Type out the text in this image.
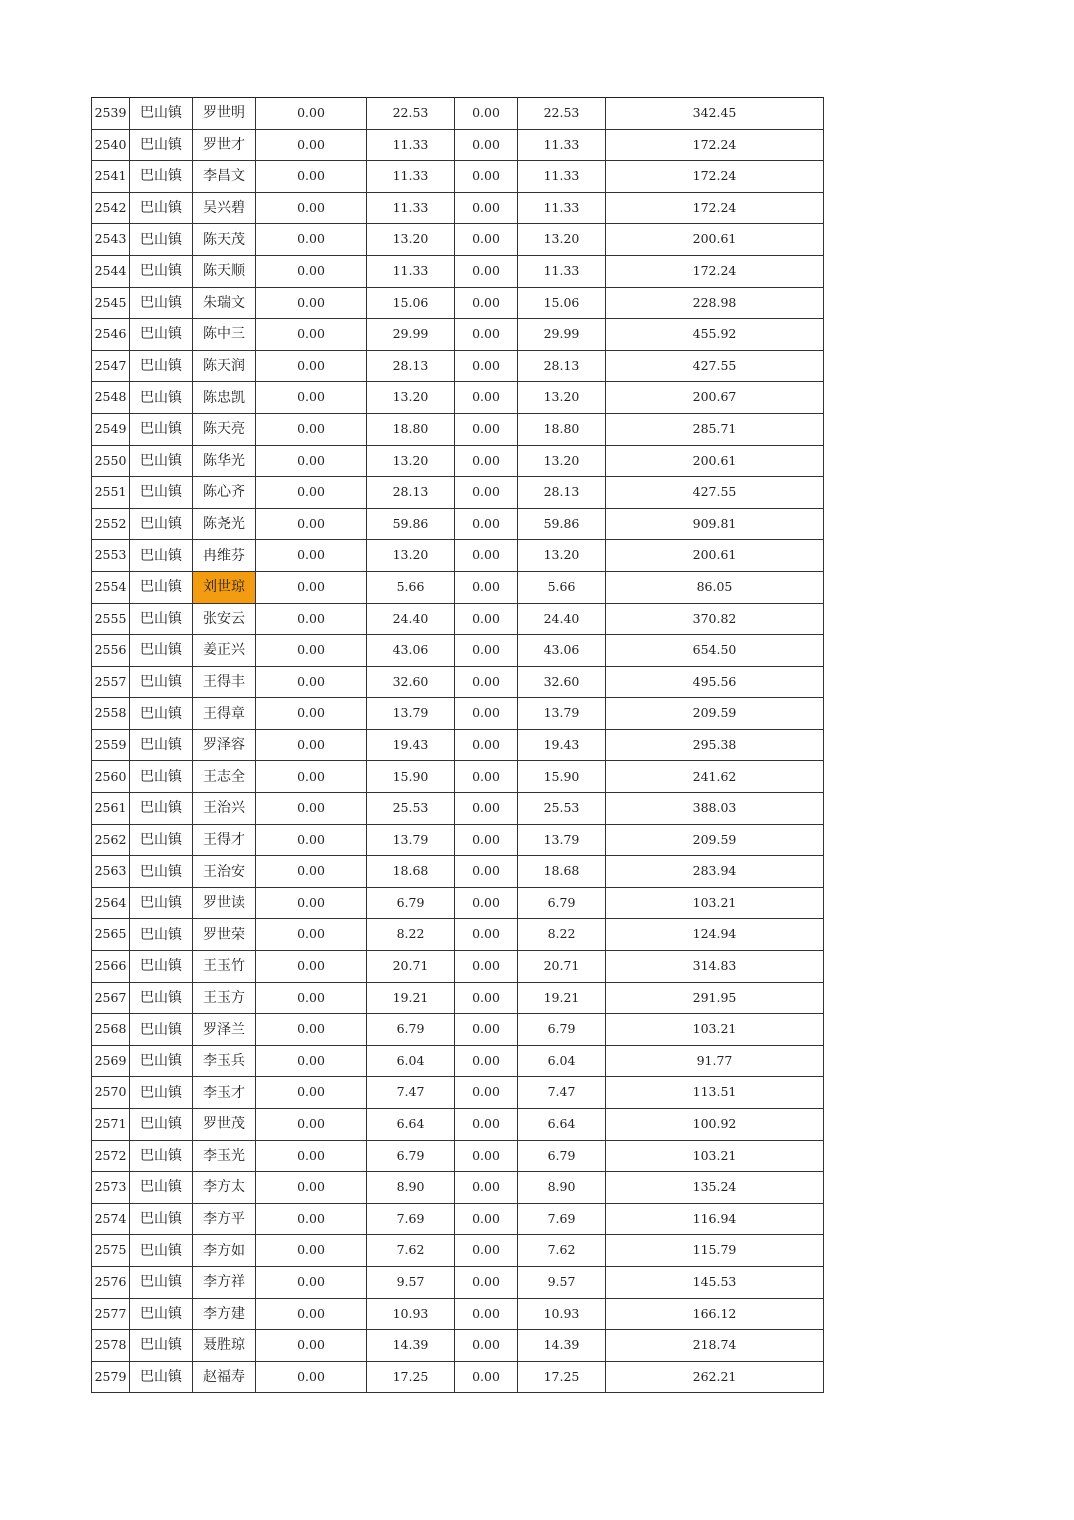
2539	巴山镇	罗世明	0.00	22.53	0.00	22.53	342.45
2540	巴山镇	罗世才	0.00	11.33	0.00	11.33	172.24
2541	巴山镇	李昌文	0.00	11.33	0.00	11.33	172.24
2542	巴山镇	吴兴碧	0.00	11.33	0.00	11.33	172.24
2543	巴山镇	陈天茂	0.00	13.20	0.00	13.20	200.61
2544	巴山镇	陈天顺	0.00	11.33	0.00	11.33	172.24
2545	巴山镇	朱瑞文	0.00	15.06	0.00	15.06	228.98
2546	巴山镇	陈中三	0.00	29.99	0.00	29.99	455.92
2547	巴山镇	陈天润	0.00	28.13	0.00	28.13	427.55
2548	巴山镇	陈忠凯	0.00	13.20	0.00	13.20	200.67
2549	巴山镇	陈天亮	0.00	18.80	0.00	18.80	285.71
2550	巴山镇	陈华光	0.00	13.20	0.00	13.20	200.61
2551	巴山镇	陈心齐	0.00	28.13	0.00	28.13	427.55
2552	巴山镇	陈尧光	0.00	59.86	0.00	59.86	909.81
2553	巴山镇	冉维芬	0.00	13.20	0.00	13.20	200.61
2554	巴山镇	刘世琼	0.00	5.66	0.00	5.66	86.05
2555	巴山镇	张安云	0.00	24.40	0.00	24.40	370.82
2556	巴山镇	姜正兴	0.00	43.06	0.00	43.06	654.50
2557	巴山镇	王得丰	0.00	32.60	0.00	32.60	495.56
2558	巴山镇	王得章	0.00	13.79	0.00	13.79	209.59
2559	巴山镇	罗泽容	0.00	19.43	0.00	19.43	295.38
2560	巴山镇	王志全	0.00	15.90	0.00	15.90	241.62
2561	巴山镇	王治兴	0.00	25.53	0.00	25.53	388.03
2562	巴山镇	王得才	0.00	13.79	0.00	13.79	209.59
2563	巴山镇	王治安	0.00	18.68	0.00	18.68	283.94
2564	巴山镇	罗世读	0.00	6.79	0.00	6.79	103.21
2565	巴山镇	罗世荣	0.00	8.22	0.00	8.22	124.94
2566	巴山镇	王玉竹	0.00	20.71	0.00	20.71	314.83
2567	巴山镇	王玉方	0.00	19.21	0.00	19.21	291.95
2568	巴山镇	罗泽兰	0.00	6.79	0.00	6.79	103.21
2569	巴山镇	李玉兵	0.00	6.04	0.00	6.04	91.77
2570	巴山镇	李玉才	0.00	7.47	0.00	7.47	113.51
2571	巴山镇	罗世茂	0.00	6.64	0.00	6.64	100.92
2572	巴山镇	李玉光	0.00	6.79	0.00	6.79	103.21
2573	巴山镇	李方太	0.00	8.90	0.00	8.90	135.24
2574	巴山镇	李方平	0.00	7.69	0.00	7.69	116.94
2575	巴山镇	李方如	0.00	7.62	0.00	7.62	115.79
2576	巴山镇	李方祥	0.00	9.57	0.00	9.57	145.53
2577	巴山镇	李方建	0.00	10.93	0.00	10.93	166.12
2578	巴山镇	聂胜琼	0.00	14.39	0.00	14.39	218.74
2579	巴山镇	赵福寿	0.00	17.25	0.00	17.25	262.21
